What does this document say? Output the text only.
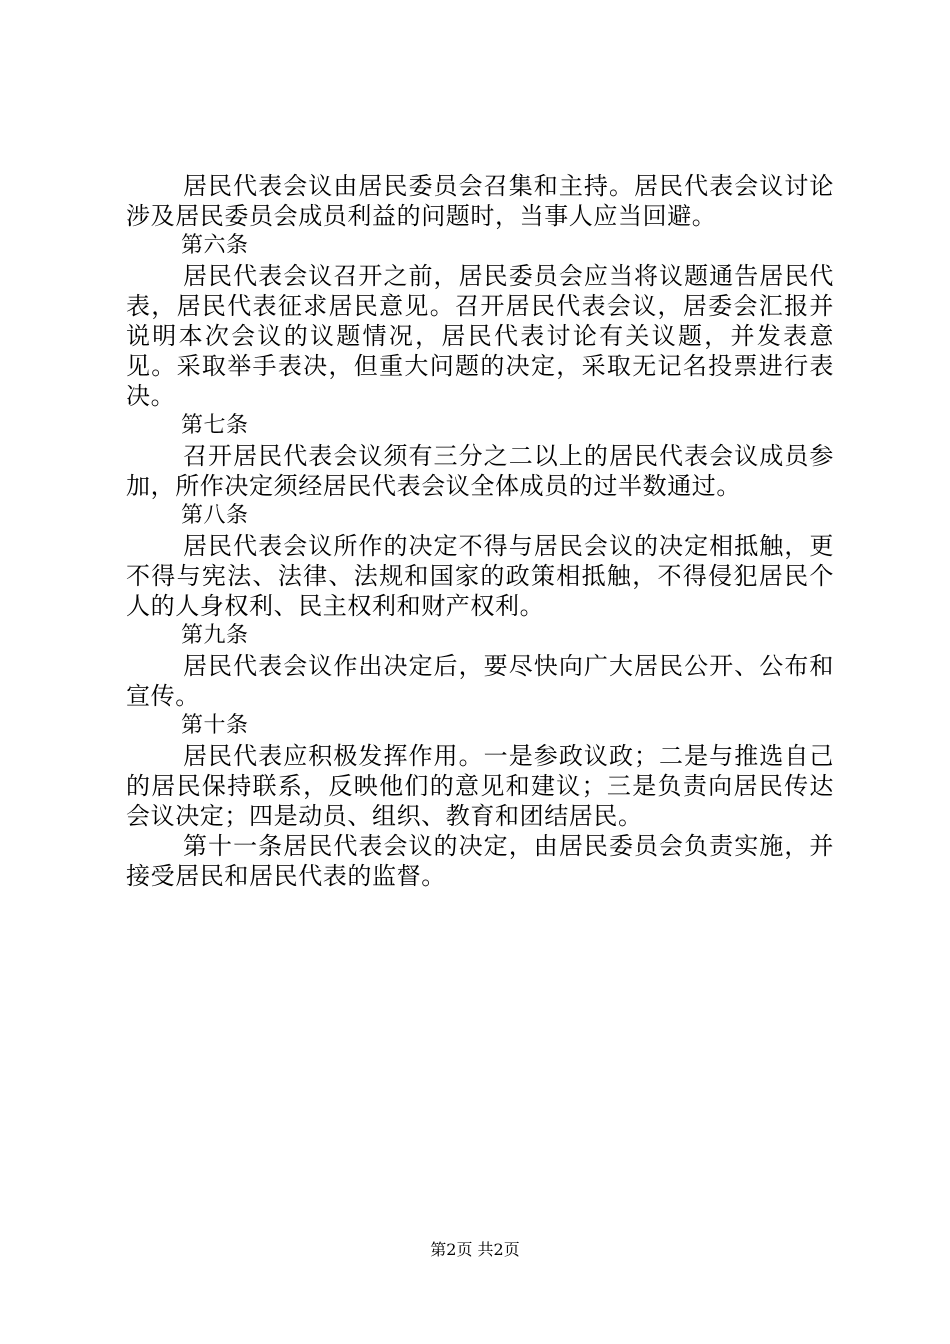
居民代表会议由居民委员会召集和主持。居民代表会议讨论涉及居民委员会成员利益的问题时，当事人应当回避。

第六条

居民代表会议召开之前，居民委员会应当将议题通告居民代表，居民代表征求居民意见。召开居民代表会议，居委会汇报并说明本次会议的议题情况，居民代表讨论有关议题，并发表意见。采取举手表决，但重大问题的决定，采取无记名投票进行表决。

第七条

召开居民代表会议须有三分之二以上的居民代表会议成员参加，所作决定须经居民代表会议全体成员的过半数通过。

第八条

居民代表会议所作的决定不得与居民会议的决定相抵触，更不得与宪法、法律、法规和国家的政策相抵触，不得侵犯居民个人的人身权利、民主权利和财产权利。

第九条

居民代表会议作出决定后，要尽快向广大居民公开、公布和宣传。

第十条

居民代表应积极发挥作用。一是参政议政；二是与推选自己的居民保持联系，反映他们的意见和建议；三是负责向居民传达会议决定；四是动员、组织、教育和团结居民。

第十一条居民代表会议的决定，由居民委员会负责实施，并接受居民和居民代表的监督。

第2页 共2页
